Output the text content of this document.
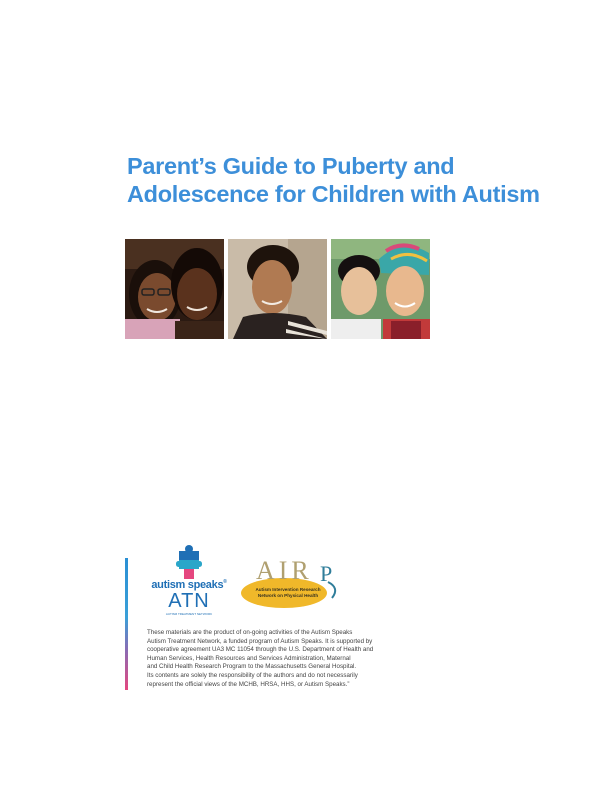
Parent’s Guide to Puberty and
Adolescence for Children with Autism
autism speaks®
ATN
AUTISM TREATMENT NETWORK
AIR P
Autism Intervention Research
Network on Physical Health

These materials are the product of on-going activities of the Autism Speaks
Autism Treatment Network, a funded program of Autism Speaks. It is supported by
cooperative agreement UA3 MC 11054 through the U.S. Department of Health and
Human Services, Health Resources and Services Administration, Maternal
and Child Health Research Program to the Massachusetts General Hospital.
Its contents are solely the responsibility of the authors and do not necessarily
represent the official views of the MCHB, HRSA, HHS, or Autism Speaks.”
